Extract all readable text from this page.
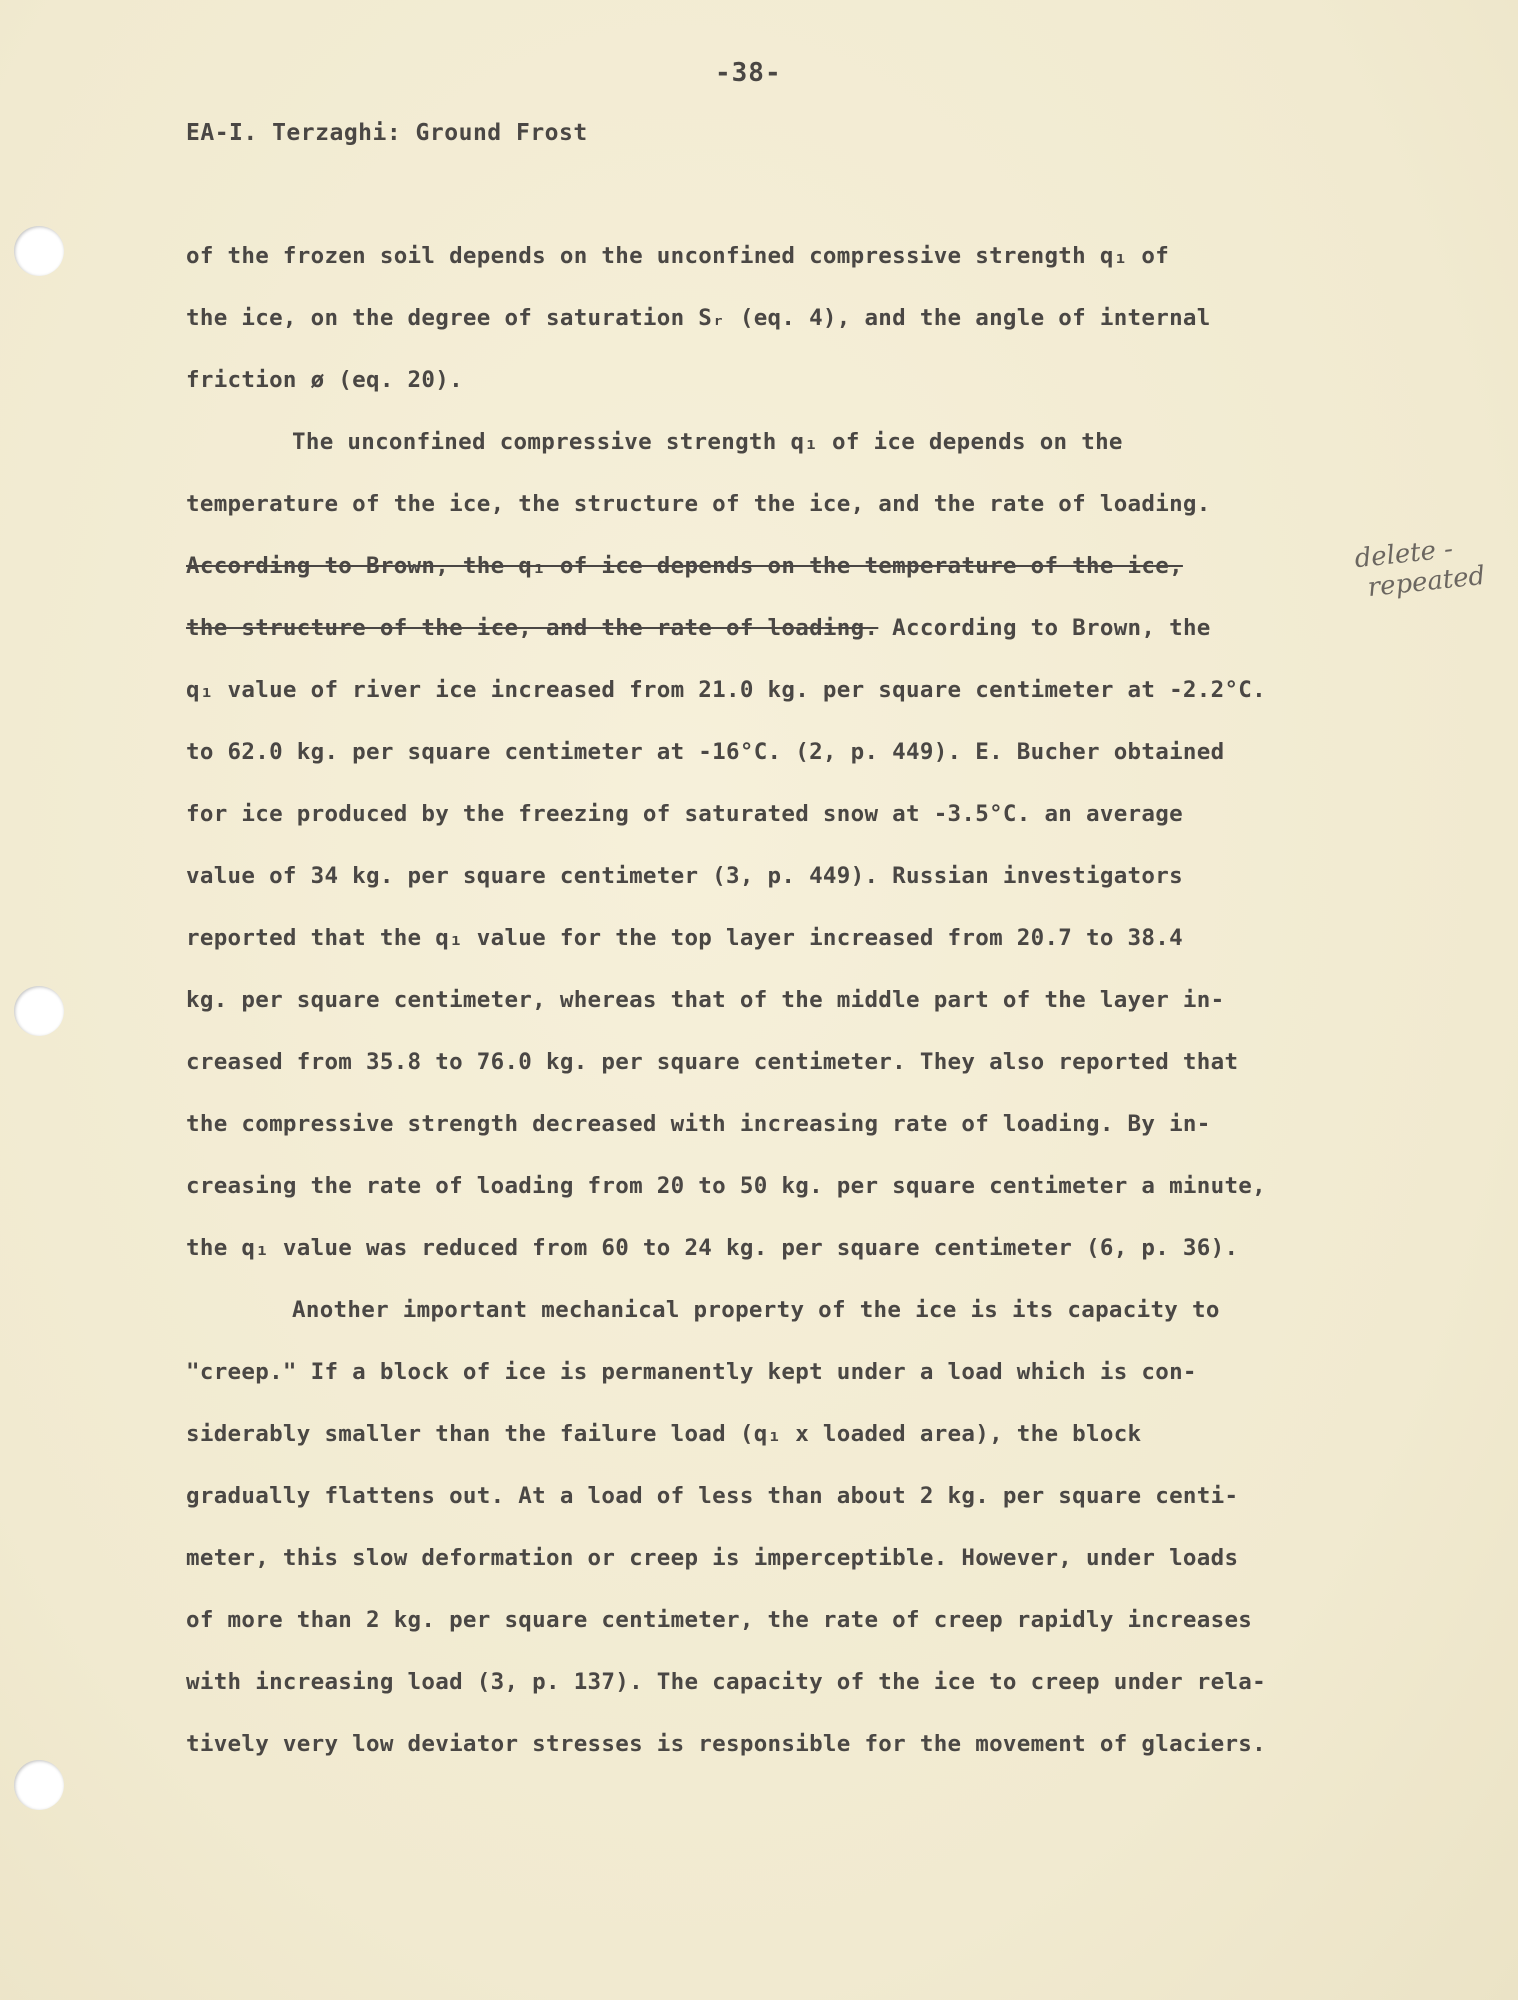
-38-
EA-I. Terzaghi: Ground Frost
of the frozen soil depends on the unconfined compressive strength q₁ of
the ice, on the degree of saturation Sᵣ (eq. 4), and the angle of internal
friction ø (eq. 20).
The unconfined compressive strength q₁ of ice depends on the
temperature of the ice, the structure of the ice, and the rate of loading.
According to Brown, the q₁ of ice depends on the temperature of the ice,
the structure of the ice, and the rate of loading. According to Brown, the
q₁ value of river ice increased from 21.0 kg. per square centimeter at -2.2°C.
to 62.0 kg. per square centimeter at -16°C. (2, p. 449). E. Bucher obtained
for ice produced by the freezing of saturated snow at -3.5°C. an average
value of 34 kg. per square centimeter (3, p. 449). Russian investigators
reported that the q₁ value for the top layer increased from 20.7 to 38.4
kg. per square centimeter, whereas that of the middle part of the layer in-
creased from 35.8 to 76.0 kg. per square centimeter. They also reported that
the compressive strength decreased with increasing rate of loading. By in-
creasing the rate of loading from 20 to 50 kg. per square centimeter a minute,
the q₁ value was reduced from 60 to 24 kg. per square centimeter (6, p. 36).
Another important mechanical property of the ice is its capacity to
"creep." If a block of ice is permanently kept under a load which is con-
siderably smaller than the failure load (q₁ x loaded area), the block
gradually flattens out. At a load of less than about 2 kg. per square centi-
meter, this slow deformation or creep is imperceptible. However, under loads
of more than 2 kg. per square centimeter, the rate of creep rapidly increases
with increasing load (3, p. 137). The capacity of the ice to creep under rela-
tively very low deviator stresses is responsible for the movement of glaciers.
delete -
repeated
